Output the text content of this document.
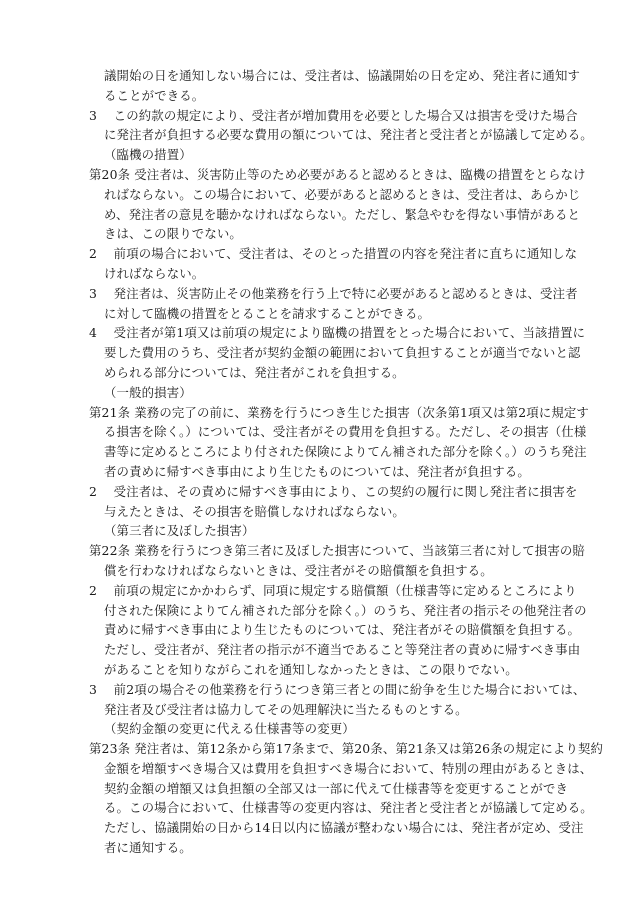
議開始の日を通知しない場合には、受注者は、協議開始の日を定め、発注者に通知す
ることができる。
3　 この約款の規定により、受注者が増加費用を必要とした場合又は損害を受けた場合
に発注者が負担する必要な費用の額については、発注者と受注者とが協議して定める。
（臨機の措置）
第20条 受注者は、災害防止等のため必要があると認めるときは、臨機の措置をとらなけ
ればならない。この場合において、必要があると認めるときは、受注者は、あらかじ
め、発注者の意見を聴かなければならない。ただし、緊急やむを得ない事情があると
きは、この限りでない。
2　 前項の場合において、受注者は、そのとった措置の内容を発注者に直ちに通知しな
ければならない。
3　 発注者は、災害防止その他業務を行う上で特に必要があると認めるときは、受注者
に対して臨機の措置をとることを請求することができる。
4　 受注者が第1項又は前項の規定により臨機の措置をとった場合において、当該措置に
要した費用のうち、受注者が契約金額の範囲において負担することが適当でないと認
められる部分については、発注者がこれを負担する。
（一般的損害）
第21条 業務の完了の前に、業務を行うにつき生じた損害（次条第1項又は第2項に規定す
る損害を除く。）については、受注者がその費用を負担する。ただし、その損害（仕様
書等に定めるところにより付された保険によりてん補された部分を除く。）のうち発注
者の責めに帰すべき事由により生じたものについては、発注者が負担する。
2　 受注者は、その責めに帰すべき事由により、この契約の履行に関し発注者に損害を
与えたときは、その損害を賠償しなければならない。
（第三者に及ぼした損害）
第22条 業務を行うにつき第三者に及ぼした損害について、当該第三者に対して損害の賠
償を行わなければならないときは、受注者がその賠償額を負担する。
2　 前項の規定にかかわらず、同項に規定する賠償額（仕様書等に定めるところにより
付された保険によりてん補された部分を除く。）のうち、発注者の指示その他発注者の
責めに帰すべき事由により生じたものについては、発注者がその賠償額を負担する。
ただし、受注者が、発注者の指示が不適当であること等発注者の責めに帰すべき事由
があることを知りながらこれを通知しなかったときは、この限りでない。
3　 前2項の場合その他業務を行うにつき第三者との間に紛争を生じた場合においては、
発注者及び受注者は協力してその処理解決に当たるものとする。
（契約金額の変更に代える仕様書等の変更）
第23条 発注者は、第12条から第17条まで、第20条、第21条又は第26条の規定により契約
金額を増額すべき場合又は費用を負担すべき場合において、特別の理由があるときは、
契約金額の増額又は負担額の全部又は一部に代えて仕様書等を変更することができ
る。この場合において、仕様書等の変更内容は、発注者と受注者とが協議して定める。
ただし、協議開始の日から14日以内に協議が整わない場合には、発注者が定め、受注
者に通知する。
